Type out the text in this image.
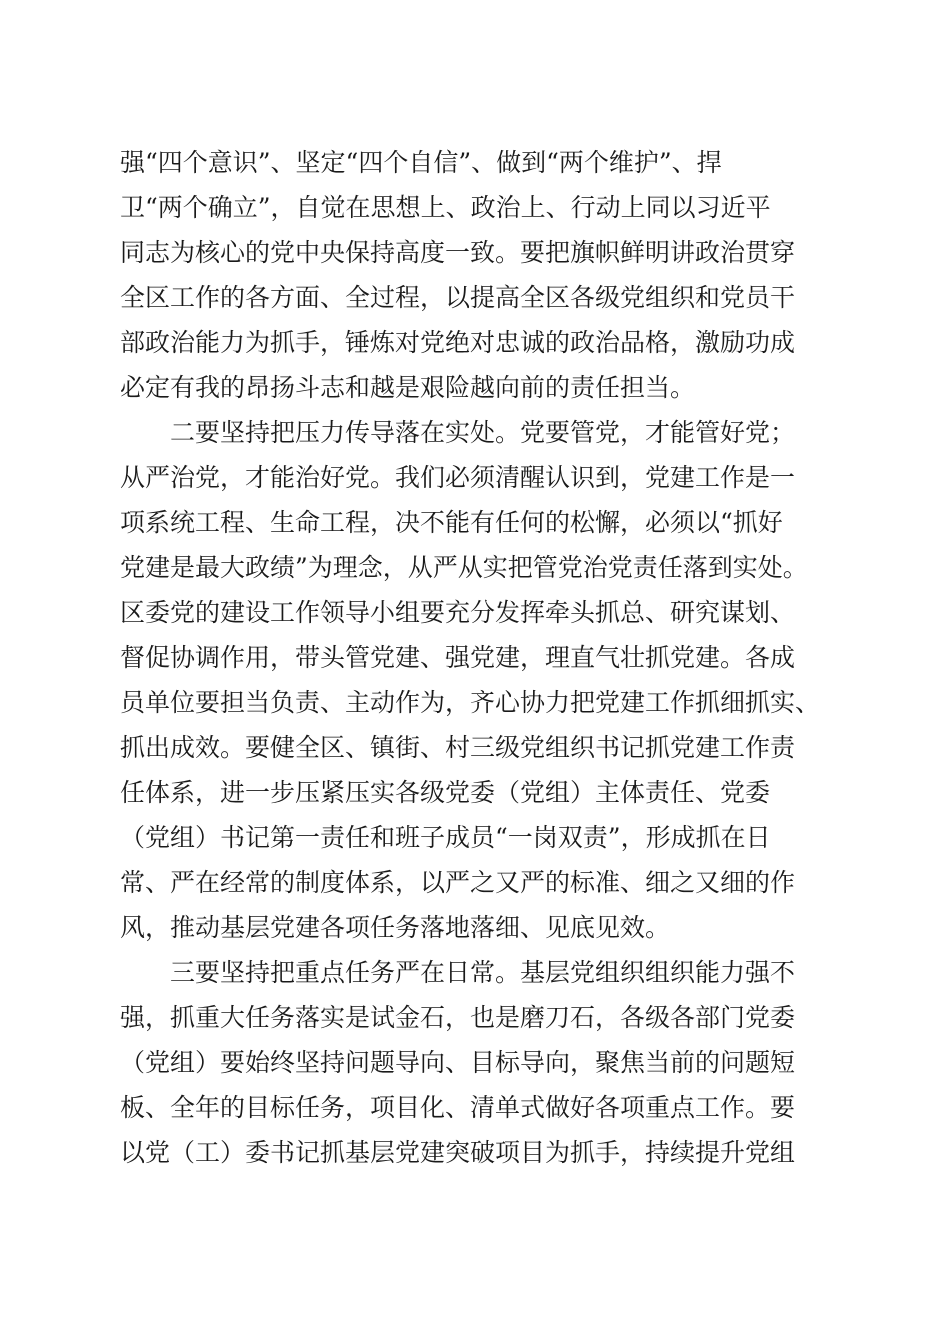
强“四个意识”、坚定“四个自信”、做到“两个维护”、捍
卫“两个确立”，自觉在思想上、政治上、行动上同以习近平
同志为核心的党中央保持高度一致。要把旗帜鲜明讲政治贯穿
全区工作的各方面、全过程，以提高全区各级党组织和党员干
部政治能力为抓手，锤炼对党绝对忠诚的政治品格，激励功成
必定有我的昂扬斗志和越是艰险越向前的责任担当。

二要坚持把压力传导落在实处。党要管党，才能管好党；
从严治党，才能治好党。我们必须清醒认识到，党建工作是一
项系统工程、生命工程，决不能有任何的松懈，必须以“抓好
党建是最大政绩”为理念，从严从实把管党治党责任落到实处。
区委党的建设工作领导小组要充分发挥牵头抓总、研究谋划、
督促协调作用，带头管党建、强党建，理直气壮抓党建。各成
员单位要担当负责、主动作为，齐心协力把党建工作抓细抓实、
抓出成效。要健全区、镇街、村三级党组织书记抓党建工作责
任体系，进一步压紧压实各级党委（党组）主体责任、党委
（党组）书记第一责任和班子成员“一岗双责”，形成抓在日
常、严在经常的制度体系，以严之又严的标准、细之又细的作
风，推动基层党建各项任务落地落细、见底见效。

三要坚持把重点任务严在日常。基层党组织组织能力强不
强，抓重大任务落实是试金石，也是磨刀石，各级各部门党委
（党组）要始终坚持问题导向、目标导向，聚焦当前的问题短
板、全年的目标任务，项目化、清单式做好各项重点工作。要
以党（工）委书记抓基层党建突破项目为抓手，持续提升党组
